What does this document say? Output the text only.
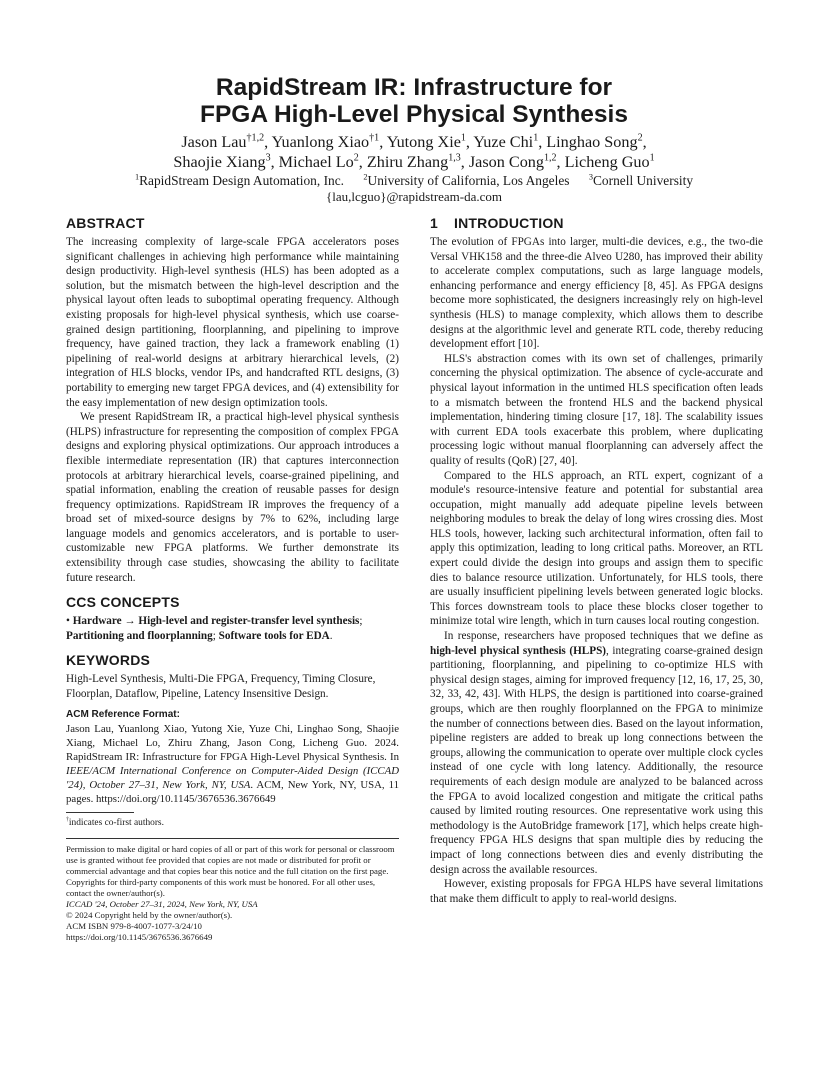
RapidStream IR: Infrastructure for
FPGA High-Level Physical Synthesis
Jason Lau$^{\dagger 1,2}$, Yuanlong Xiao$^{\dagger 1}$, Yutong Xie$^1$, Yuze Chi$^1$, Linghao Song$^2$,
Shaojie Xiang$^3$, Michael Lo$^2$, Zhiru Zhang$^{1,3}$, Jason Cong$^{1,2}$, Licheng Guo$^1$
$^1$RapidStream Design Automation, Inc. $^2$University of California, Los Angeles $^3$Cornell University
{lau,lcguo}@rapidstream-da.com
ABSTRACT

The increasing complexity of large-scale FPGA accelerators poses significant challenges in achieving high performance while maintaining design productivity. High-level synthesis (HLS) has been adopted as a solution, but the mismatch between the high-level description and the physical layout often leads to suboptimal operating frequency. Although existing proposals for high-level physical synthesis, which use coarse-grained design partitioning, floorplanning, and pipelining to improve frequency, have gained traction, they lack a framework enabling (1) pipelining of real-world designs at arbitrary hierarchical levels, (2) integration of HLS blocks, vendor IPs, and handcrafted RTL designs, (3) portability to emerging new target FPGA devices, and (4) extensibility for the easy implementation of new design optimization tools.

We present RapidStream IR, a practical high-level physical synthesis (HLPS) infrastructure for representing the composition of complex FPGA designs and exploring physical optimizations. Our approach introduces a flexible intermediate representation (IR) that captures interconnection protocols at arbitrary hierarchical levels, coarse-grained pipelining, and spatial information, enabling the creation of reusable passes for design frequency optimizations. RapidStream IR improves the frequency of a broad set of mixed-source designs by 7% to 62%, including large language models and genomics accelerators, and is portable to user-customizable new FPGA platforms. We further demonstrate its extensibility through case studies, showcasing the ability to facilitate future research.

CCS CONCEPTS

• Hardware → High-level and register-transfer level synthesis; Partitioning and floorplanning; Software tools for EDA.

KEYWORDS

High-Level Synthesis, Multi-Die FPGA, Frequency, Timing Closure, Floorplan, Dataflow, Pipeline, Latency Insensitive Design.

ACM Reference Format:

Jason Lau, Yuanlong Xiao, Yutong Xie, Yuze Chi, Linghao Song, Shaojie Xiang, Michael Lo, Zhiru Zhang, Jason Cong, Licheng Guo. 2024. RapidStream IR: Infrastructure for FPGA High-Level Physical Synthesis. In IEEE/ACM International Conference on Computer-Aided Design (ICCAD '24), October 27–31, New York, NY, USA. ACM, New York, NY, USA, 11 pages. https://doi.org/10.1145/3676536.3676649

†indicates co-first authors.

Permission to make digital or hard copies of all or part of this work for personal or classroom use is granted without fee provided that copies are not made or distributed for profit or commercial advantage and that copies bear this notice and the full citation on the first page. Copyrights for third-party components of this work must be honored. For all other uses, contact the owner/author(s).

ICCAD '24, October 27–31, 2024, New York, NY, USA

© 2024 Copyright held by the owner/author(s).

ACM ISBN 979-8-4007-1077-3/24/10

https://doi.org/10.1145/3676536.3676649

1 INTRODUCTION

The evolution of FPGAs into larger, multi-die devices, e.g., the two-die Versal VHK158 and the three-die Alveo U280, has improved their ability to accelerate complex computations, such as large language models, enhancing performance and energy efficiency [8, 45]. As FPGA designs become more sophisticated, the designers increasingly rely on high-level synthesis (HLS) to manage complexity, which allows them to describe designs at the algorithmic level and generate RTL code, thereby reducing development effort [10].

HLS's abstraction comes with its own set of challenges, primarily concerning the physical optimization. The absence of cycle-accurate and physical layout information in the untimed HLS specification often leads to a mismatch between the frontend HLS and the backend physical implementation, hindering timing closure [17, 18]. The scalability issues with current EDA tools exacerbate this problem, where duplicating processing logic without manual floorplanning can adversely affect the quality of results (QoR) [27, 40].

Compared to the HLS approach, an RTL expert, cognizant of a module's resource-intensive feature and potential for substantial area occupation, might manually add adequate pipeline levels between neighboring modules to break the delay of long wires crossing dies. Most HLS tools, however, lacking such architectural information, often fail to apply this optimization, leading to long critical paths. Moreover, an RTL expert could divide the design into groups and assign them to specific dies to balance resource utilization. Unfortunately, for HLS tools, there are usually insufficient pipelining levels between generated logic blocks. This forces downstream tools to place these blocks closer together to minimize total wire length, which in turn causes local routing congestion.

In response, researchers have proposed techniques that we define as high-level physical synthesis (HLPS), integrating coarse-grained design partitioning, floorplanning, and pipelining to co-optimize HLS with physical design stages, aiming for improved frequency [12, 16, 17, 25, 30, 32, 33, 42, 43]. With HLPS, the design is partitioned into coarse-grained groups, which are then roughly floorplanned on the FPGA to minimize the number of connections between dies. Based on the layout information, pipeline registers are added to break up long connections between the groups, allowing the communication to operate over multiple clock cycles instead of one cycle with long latency. Additionally, the resource requirements of each design module are analyzed to be balanced across the FPGA to avoid localized congestion and mitigate the critical paths caused by limited routing resources. One representative work using this methodology is the AutoBridge framework [17], which helps create high-frequency FPGA HLS designs that span multiple dies by reducing the impact of long connections between dies and evenly distributing the design across the available resources.

However, existing proposals for FPGA HLPS have several limitations that make them difficult to apply to real-world designs.
